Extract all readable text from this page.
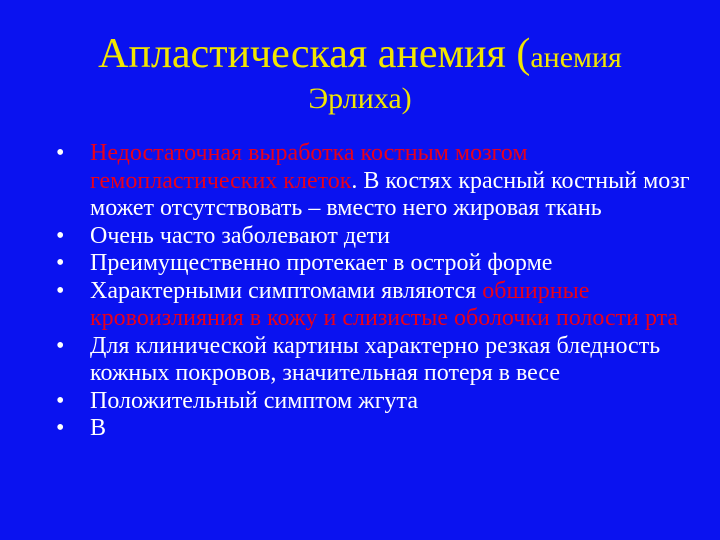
Апластическая анемия (анемия
Эрлиха)
•	Недостаточная выработка костным мозгом гемопластических клеток. В костях красный костный мозг может отсутствовать – вместо него жировая ткань
•	Очень часто заболевают дети
•	Преимущественно протекает в острой форме
•	Характерными симптомами являются обширные кровоизлияния в кожу и слизистые оболочки полости рта
•	Для клинической картины характерно резкая бледность кожных покровов, значительная потеря в весе
•	Положительный симптом жгута
•	В
